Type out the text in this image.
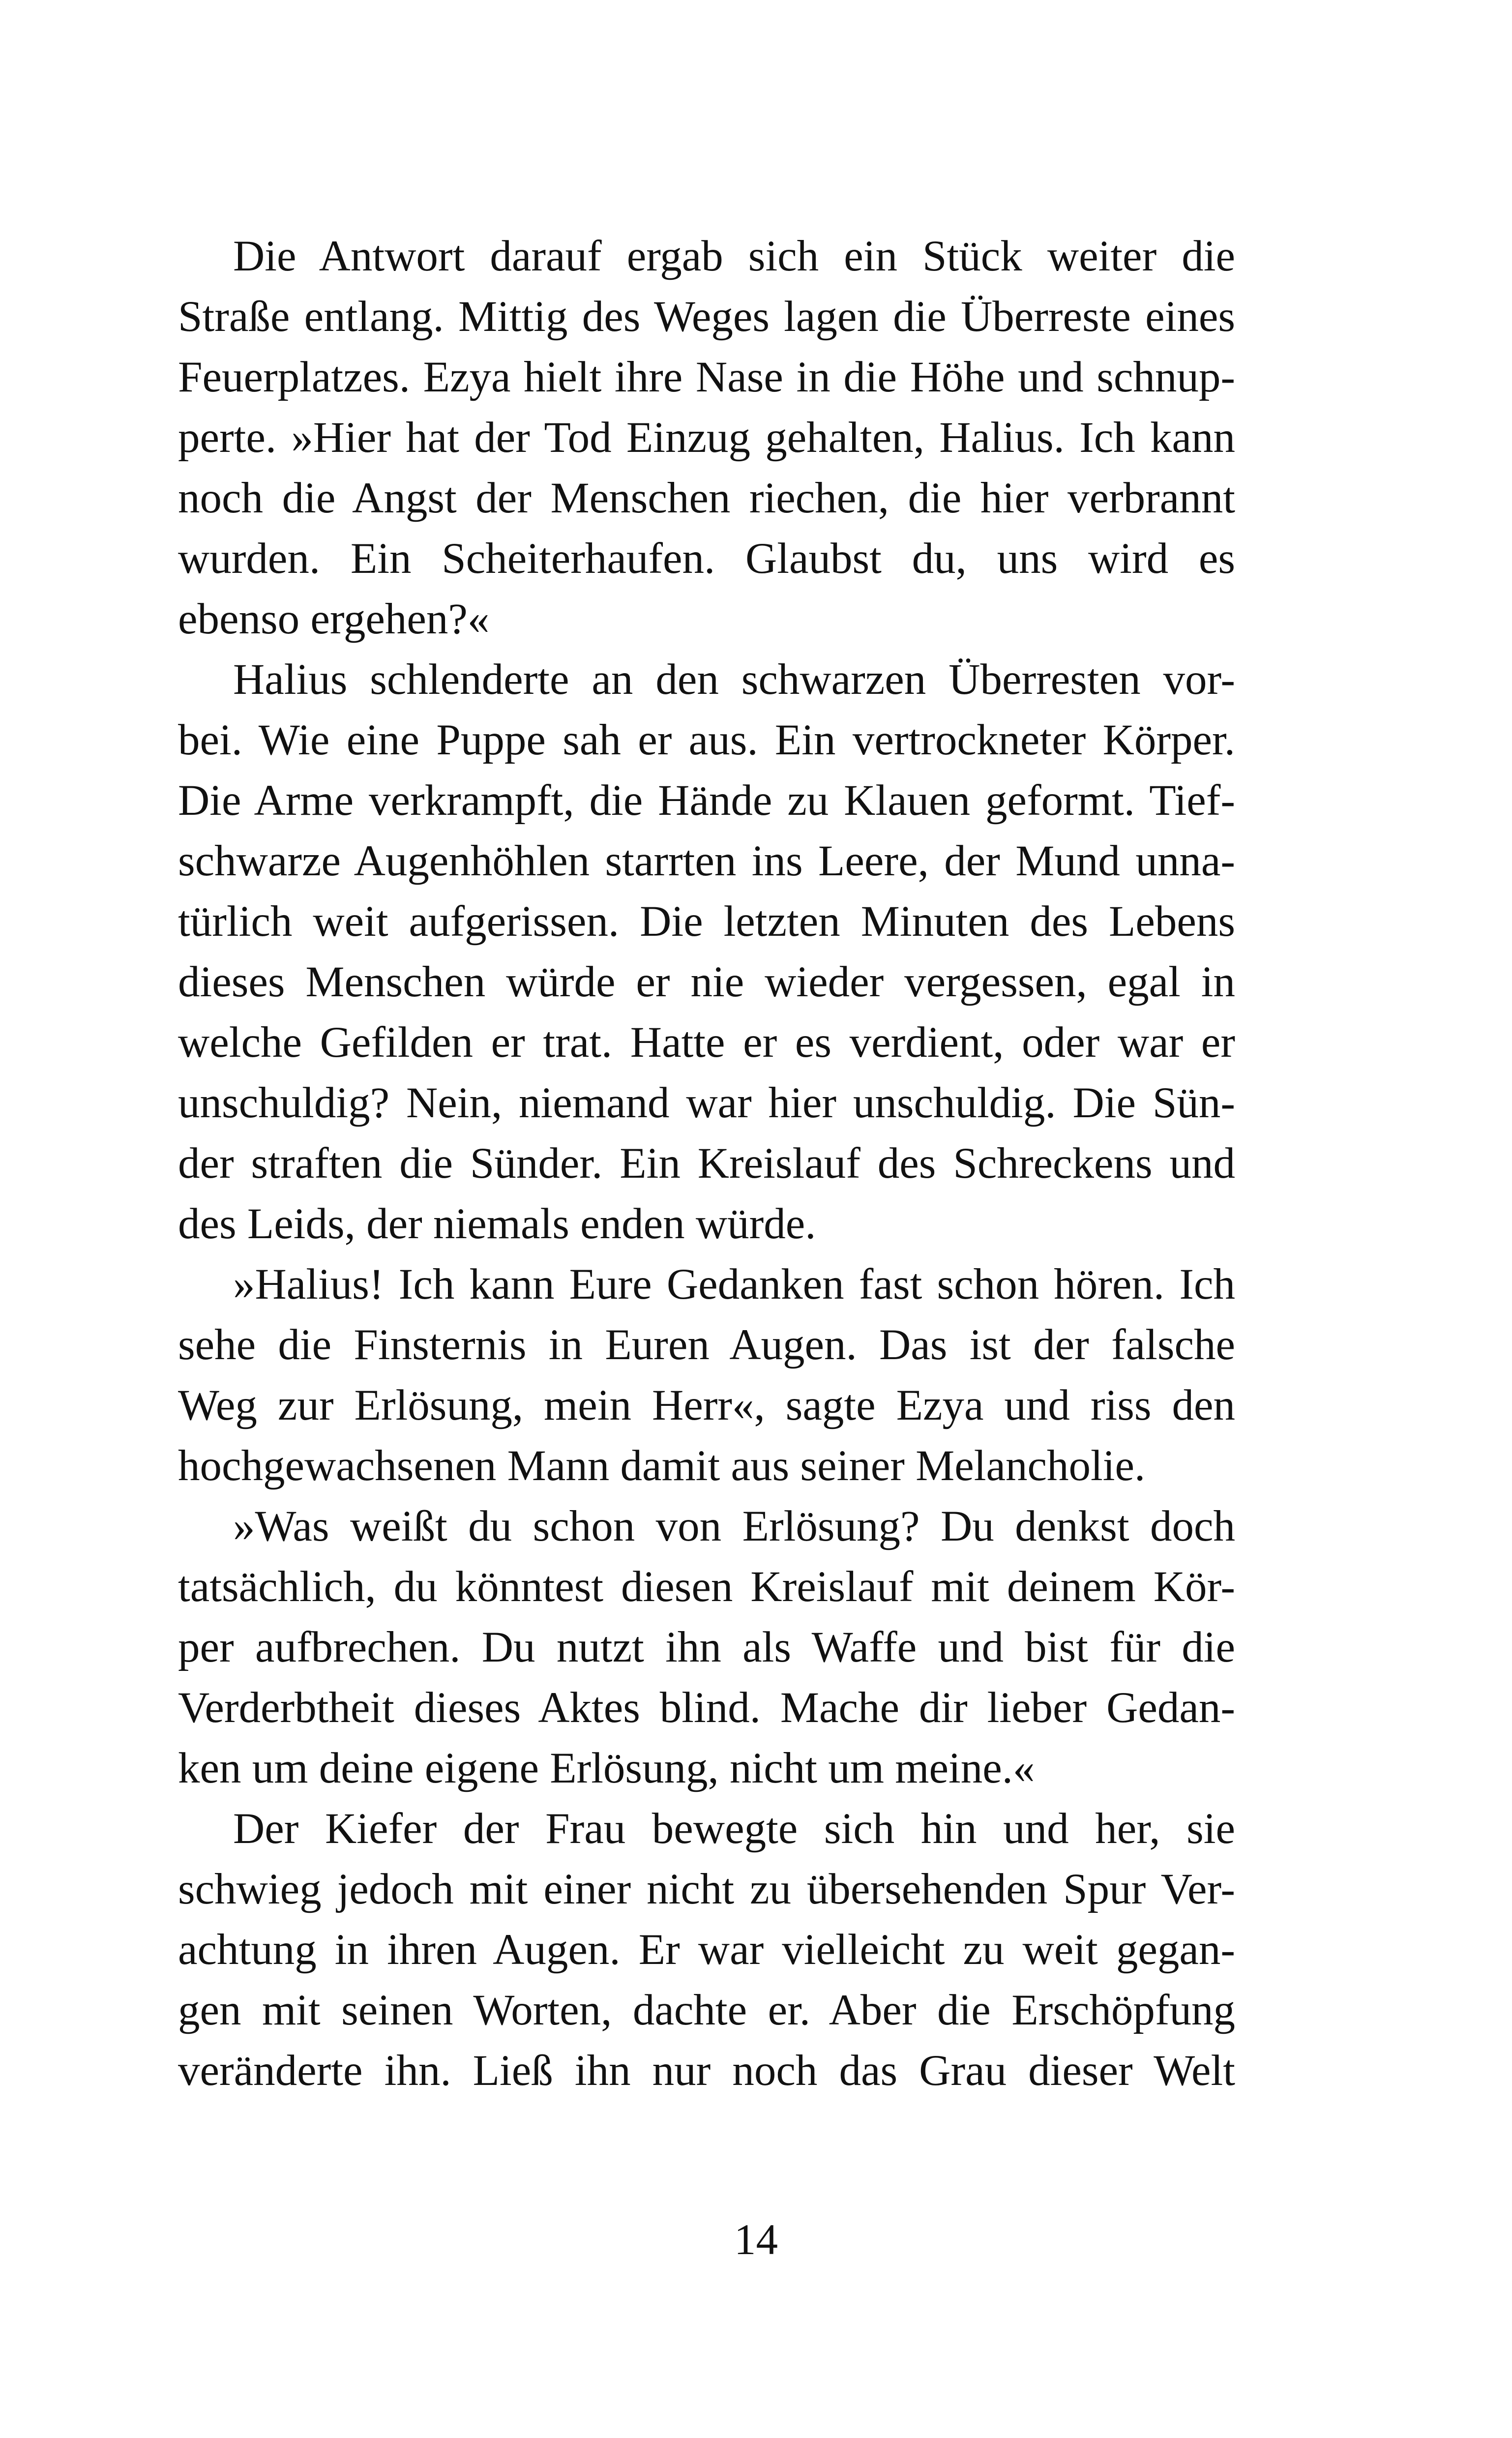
Die Antwort darauf ergab sich ein Stück weiter die
Straße entlang. Mittig des Weges lagen die Überreste eines
Feuerplatzes. Ezya hielt ihre Nase in die Höhe und schnup-
perte. »Hier hat der Tod Einzug gehalten, Halius. Ich kann
noch die Angst der Menschen riechen, die hier verbrannt
wurden. Ein Scheiterhaufen. Glaubst du, uns wird es
ebenso ergehen?«
Halius schlenderte an den schwarzen Überresten vor-
bei. Wie eine Puppe sah er aus. Ein vertrockneter Körper.
Die Arme verkrampft, die Hände zu Klauen geformt. Tief-
schwarze Augenhöhlen starrten ins Leere, der Mund unna-
türlich weit aufgerissen. Die letzten Minuten des Lebens
dieses Menschen würde er nie wieder vergessen, egal in
welche Gefilden er trat. Hatte er es verdient, oder war er
unschuldig? Nein, niemand war hier unschuldig. Die Sün-
der straften die Sünder. Ein Kreislauf des Schreckens und
des Leids, der niemals enden würde.
»Halius! Ich kann Eure Gedanken fast schon hören. Ich
sehe die Finsternis in Euren Augen. Das ist der falsche
Weg zur Erlösung, mein Herr«, sagte Ezya und riss den
hochgewachsenen Mann damit aus seiner Melancholie.
»Was weißt du schon von Erlösung? Du denkst doch
tatsächlich, du könntest diesen Kreislauf mit deinem Kör-
per aufbrechen. Du nutzt ihn als Waffe und bist für die
Verderbtheit dieses Aktes blind. Mache dir lieber Gedan-
ken um deine eigene Erlösung, nicht um meine.«
Der Kiefer der Frau bewegte sich hin und her, sie
schwieg jedoch mit einer nicht zu übersehenden Spur Ver-
achtung in ihren Augen. Er war vielleicht zu weit gegan-
gen mit seinen Worten, dachte er. Aber die Erschöpfung
veränderte ihn. Ließ ihn nur noch das Grau dieser Welt
14
